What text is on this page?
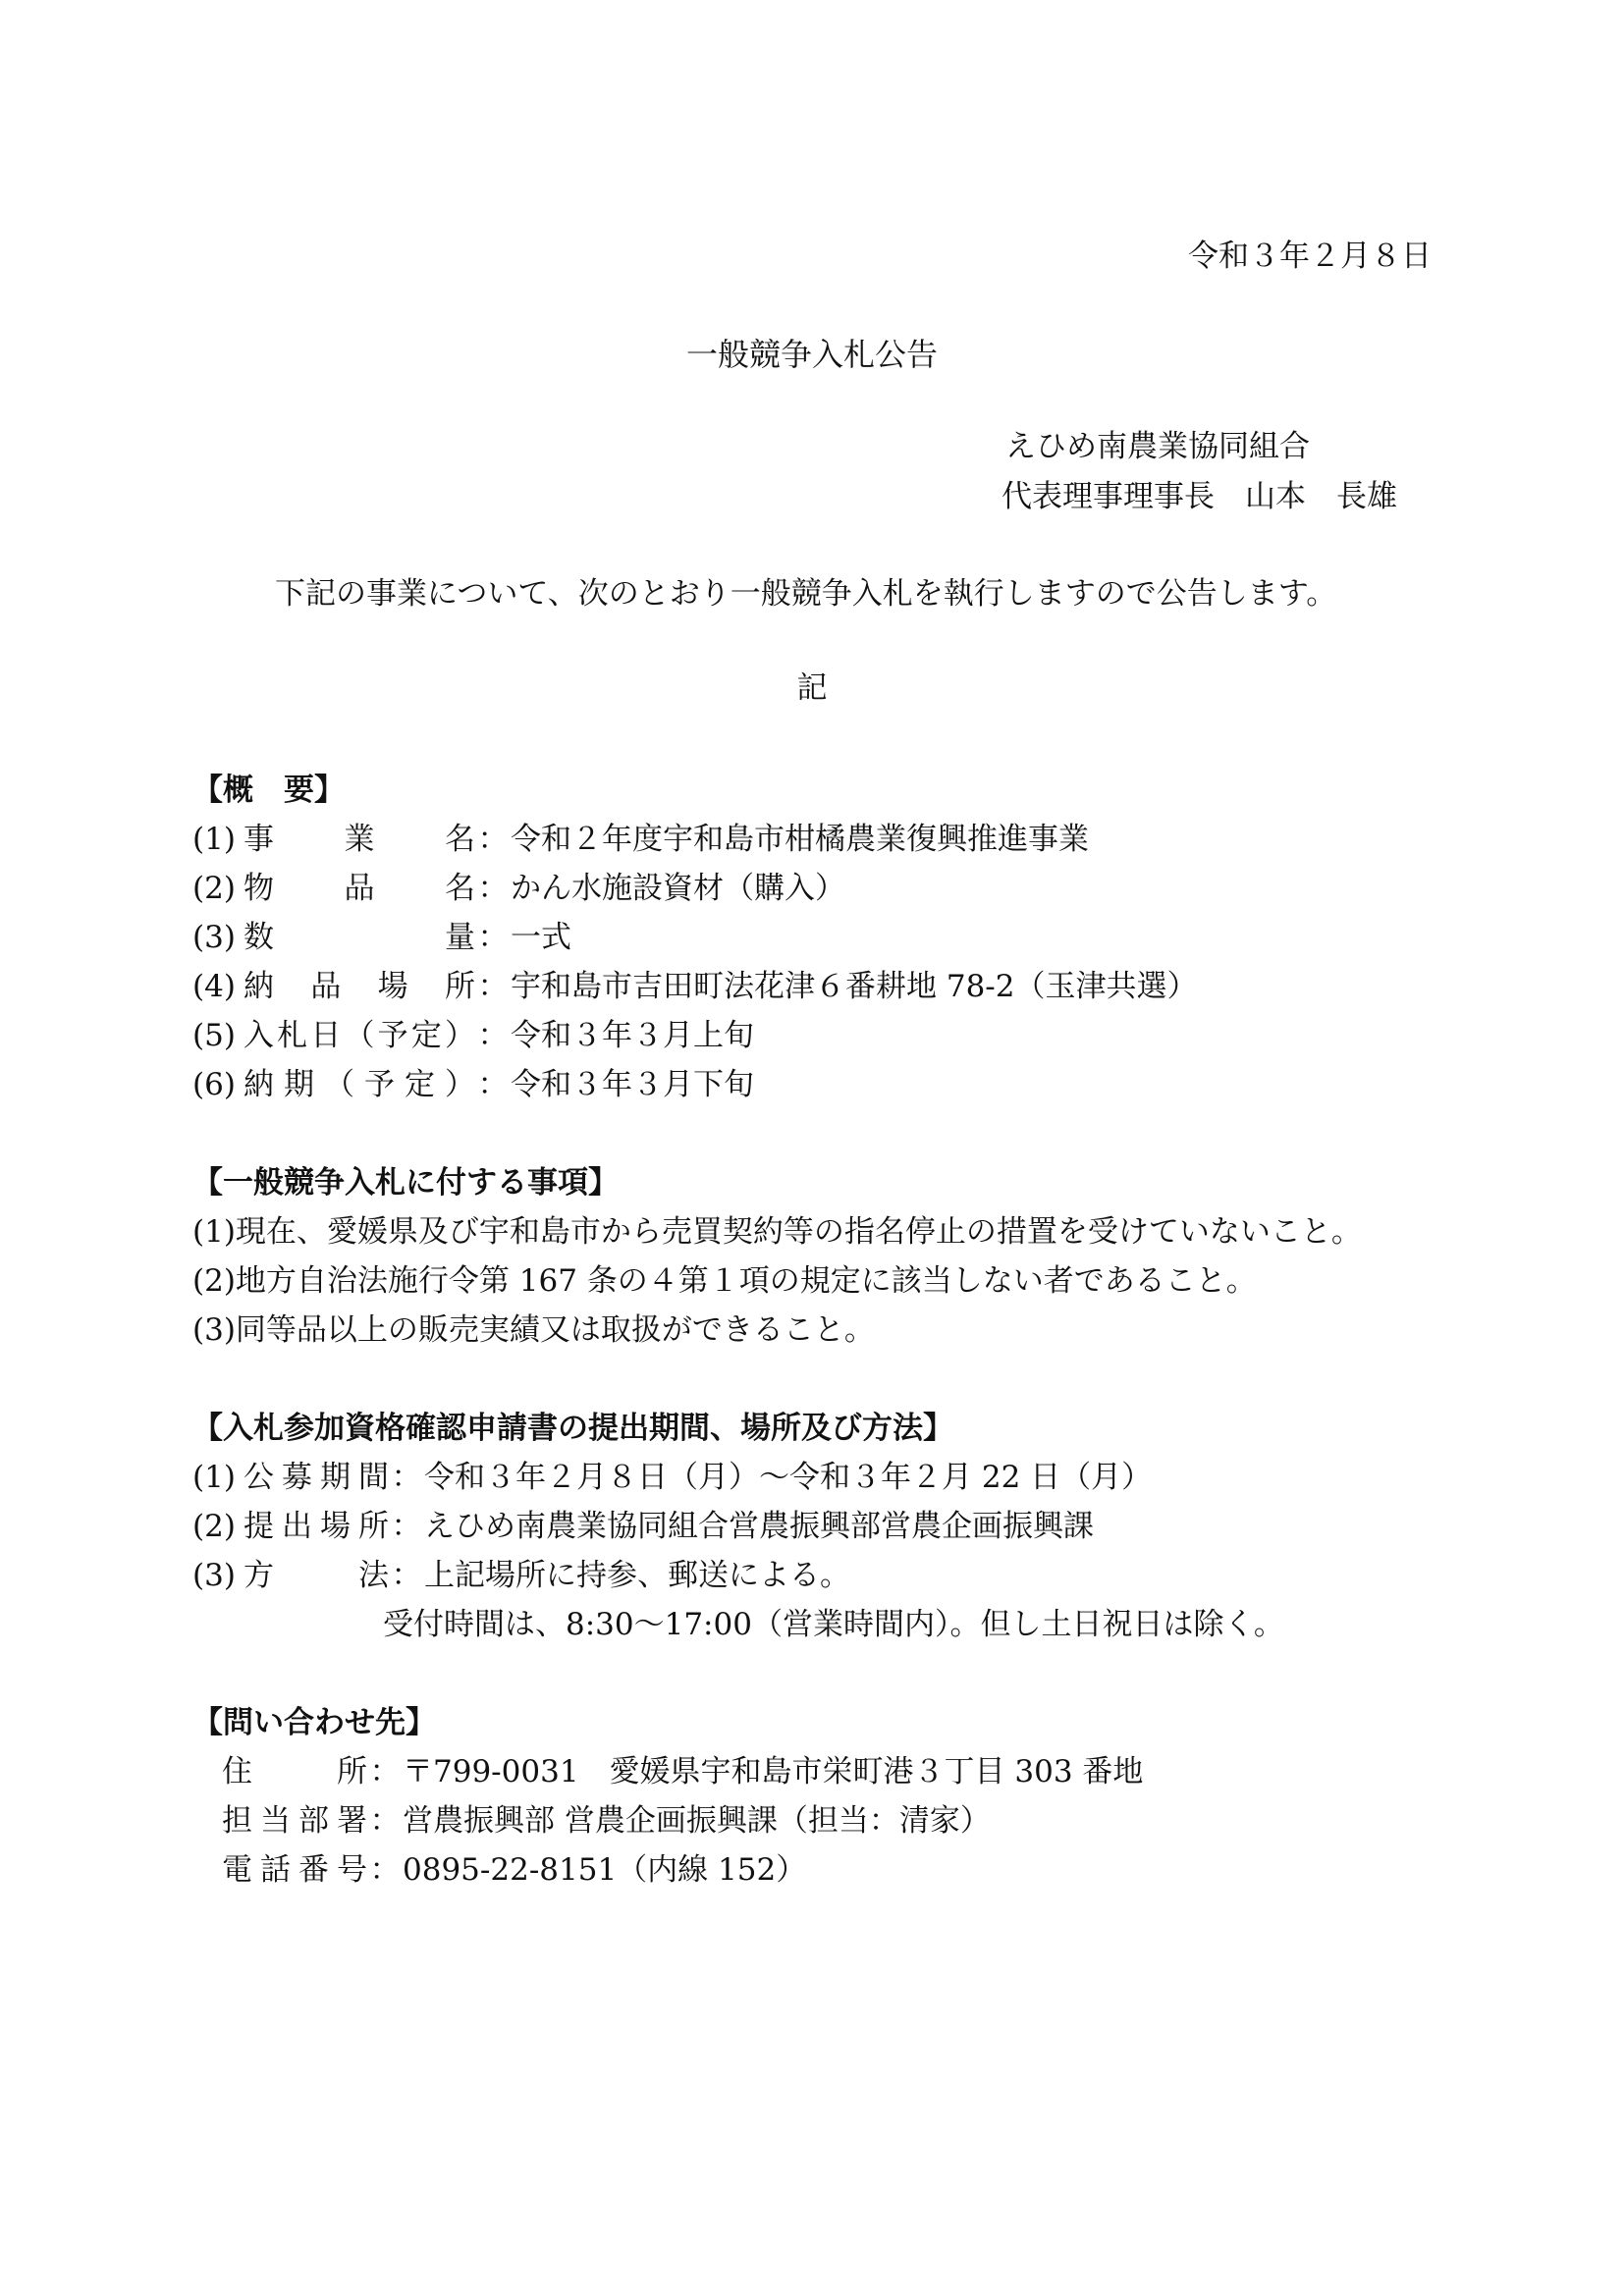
令和３年２月８日
一般競争入札公告
えひめ南農業協同組合
代表理事理事長　山本　長雄
下記の事業について、次のとおり一般競争入札を執行しますので公告します。
記
【概　要】
(1) 事業名 ： 令和２年度宇和島市柑橘農業復興推進事業
(2) 物品名 ： かん水施設資材（購入）
(3) 数量 ： 一式
(4) 納品場所 ： 宇和島市吉田町法花津６番耕地 78-2（玉津共選）
(5) 入札日（予定） ： 令和３年３月上旬
(6) 納期（予定） ： 令和３年３月下旬
【一般競争入札に付する事項】
(1)現在、愛媛県及び宇和島市から売買契約等の指名停止の措置を受けていないこと。
(2)地方自治法施行令第 167 条の４第１項の規定に該当しない者であること。
(3)同等品以上の販売実績又は取扱ができること。
【入札参加資格確認申請書の提出期間、場所及び方法】
(1) 公募期間 ： 令和３年２月８日（月）～令和３年２月 22 日（月）
(2) 提出場所 ： えひめ南農業協同組合営農振興部営農企画振興課
(3) 方法 ： 上記場所に持参、郵送による。
受付時間は、8:30～17:00（営業時間内）。但し土日祝日は除く。
【問い合わせ先】
住所 ： 〒799-0031　愛媛県宇和島市栄町港３丁目 303 番地
担当部署 ： 営農振興部 営農企画振興課（担当：清家）
電話番号 ： 0895-22-8151（内線 152）
